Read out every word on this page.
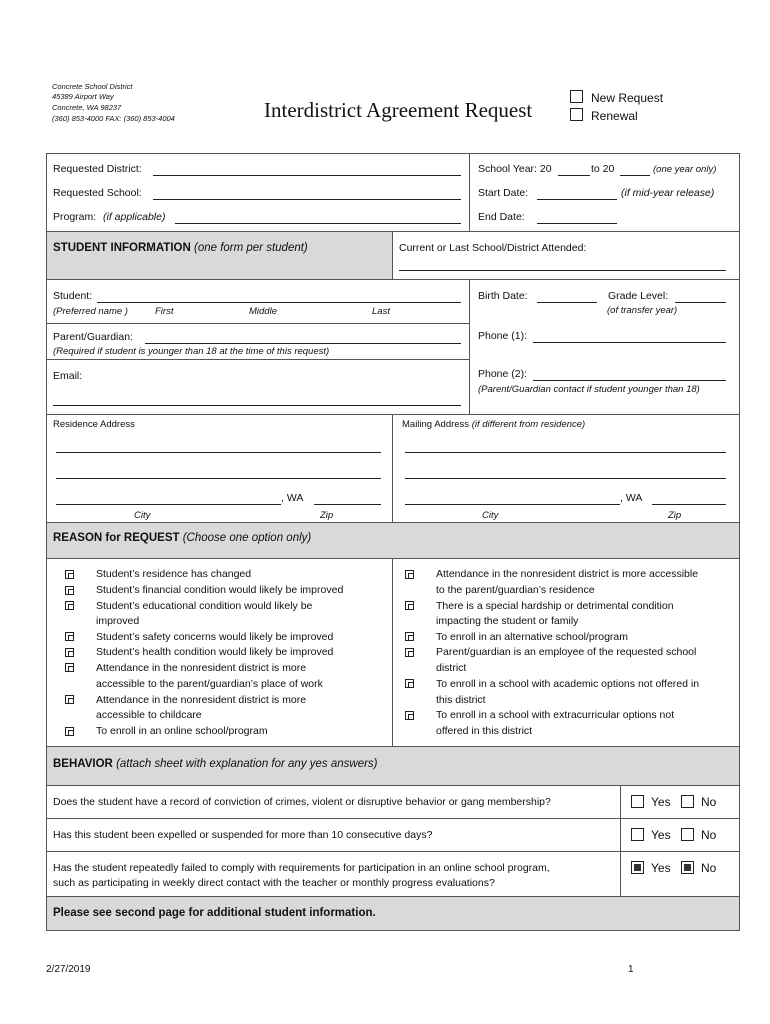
Concrete School District
45389 Airport Way
Concrete, WA 98237
(360) 853-4000 FAX: (360) 853-4004	Interdistrict Agreement Request	New Request
Renewal
Requested District:
Requested School:
Program: (if applicable)
School Year: 20	to 20	(one year only)
Start Date:	(if mid-year release)
End Date:
STUDENT INFORMATION (one form per student)	Current or Last School/District Attended:
Student:
(Preferred name )	First	Middle	Last
Birth Date:	Grade Level:
(of transfer year)
Parent/Guardian:
(Required if student is younger than 18 at the time of this request)
Phone (1):
Email:	Phone (2):
(Parent/Guardian contact if student younger than 18)
Residence Address
, WA
City	Zip
Mailing Address (if different from residence)
, WA
City	Zip
REASON for REQUEST (Choose one option only)
Student’s residence has changed
Student’s financial condition would likely be improved
Student’s educational condition would likely be
improved
Student’s safety concerns would likely be improved
Student’s health condition would likely be improved
Attendance in the nonresident district is more
accessible to the parent/guardian’s place of work
Attendance in the nonresident district is more
accessible to childcare
To enroll in an online school/program
Attendance in the nonresident district is more accessible
to the parent/guardian’s residence
There is a special hardship or detrimental condition
impacting the student or family
To enroll in an alternative school/program
Parent/guardian is an employee of the requested school
district
To enroll in a school with academic options not offered in
this district
To enroll in a school with extracurricular options not
offered in this district
BEHAVIOR (attach sheet with explanation for any yes answers)
Does the student have a record of conviction of crimes, violent or disruptive behavior or gang membership?	Yes	No
Has this student been expelled or suspended for more than 10 consecutive days?	Yes	No
Has the student repeatedly failed to comply with requirements for participation in an online school program,
such as participating in weekly direct contact with the teacher or monthly progress evaluations?
Yes	No
Please see second page for additional student information.
2/27/2019	1
